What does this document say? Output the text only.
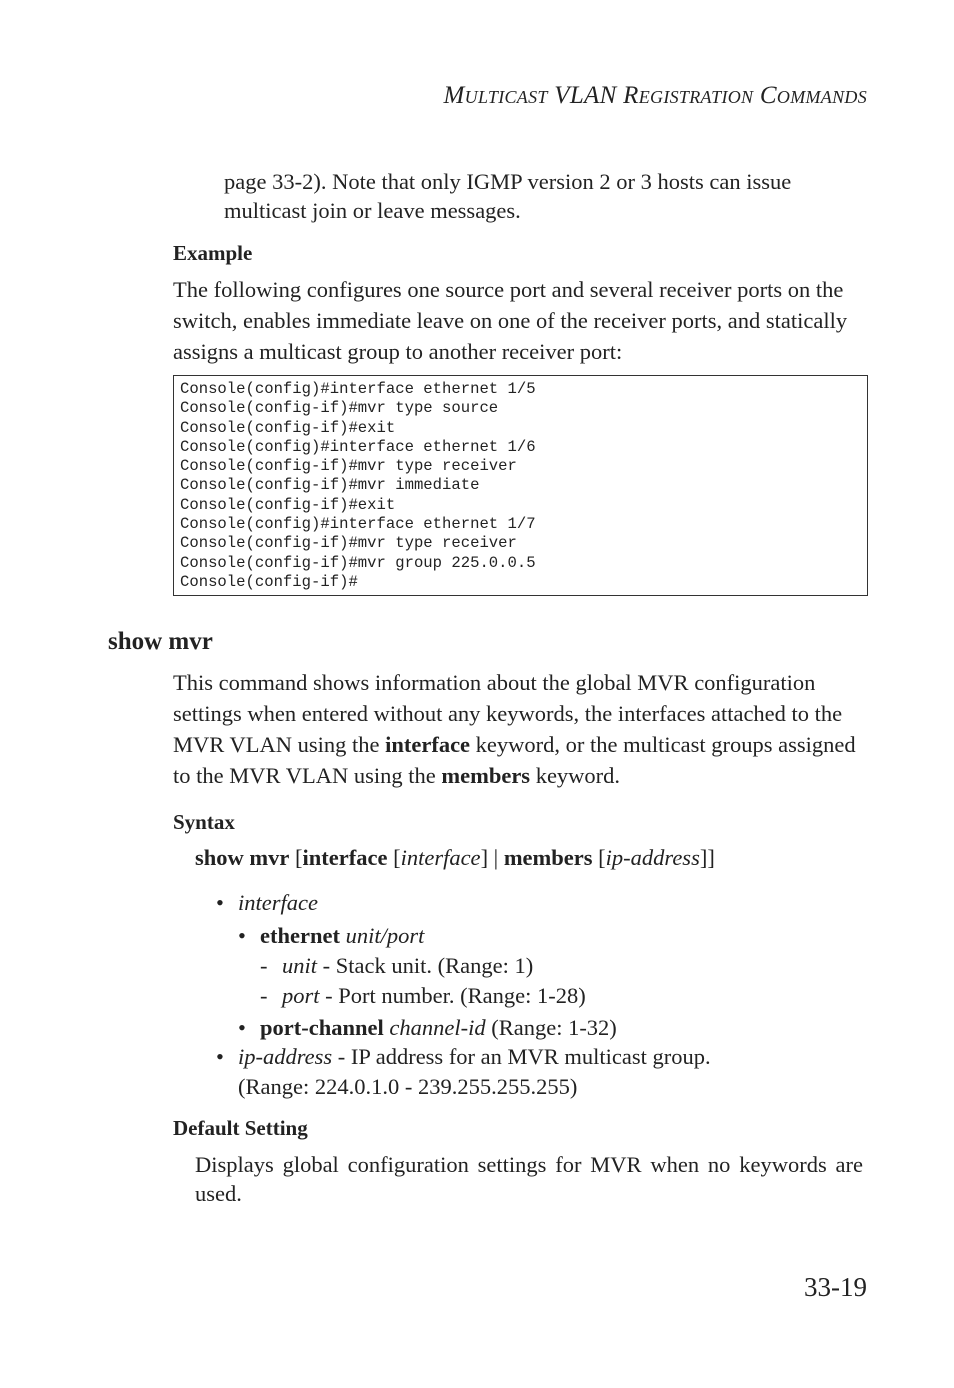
MULTICAST VLAN REGISTRATION COMMANDS
page 33-2). Note that only IGMP version 2 or 3 hosts can issue
multicast join or leave messages.
Example
The following configures one source port and several receiver ports on the switch, enables immediate leave on one of the receiver ports, and statically assigns a multicast group to another receiver port:
Console(config)#interface ethernet 1/5
Console(config-if)#mvr type source
Console(config-if)#exit
Console(config)#interface ethernet 1/6
Console(config-if)#mvr type receiver
Console(config-if)#mvr immediate
Console(config-if)#exit
Console(config)#interface ethernet 1/7
Console(config-if)#mvr type receiver
Console(config-if)#mvr group 225.0.0.5
Console(config-if)#
show mvr
This command shows information about the global MVR configuration settings when entered without any keywords, the interfaces attached to the MVR VLAN using the interface keyword, or the multicast groups assigned to the MVR VLAN using the members keyword.
Syntax
show mvr [interface [interface] | members [ip-address]]
• interface
• ethernet unit/port
- unit - Stack unit. (Range: 1)
- port - Port number. (Range: 1-28)
• port-channel channel-id (Range: 1-32)
• ip-address - IP address for an MVR multicast group.
(Range: 224.0.1.0 - 239.255.255.255)
Default Setting
Displays global configuration settings for MVR when no keywords are used.
33-19
